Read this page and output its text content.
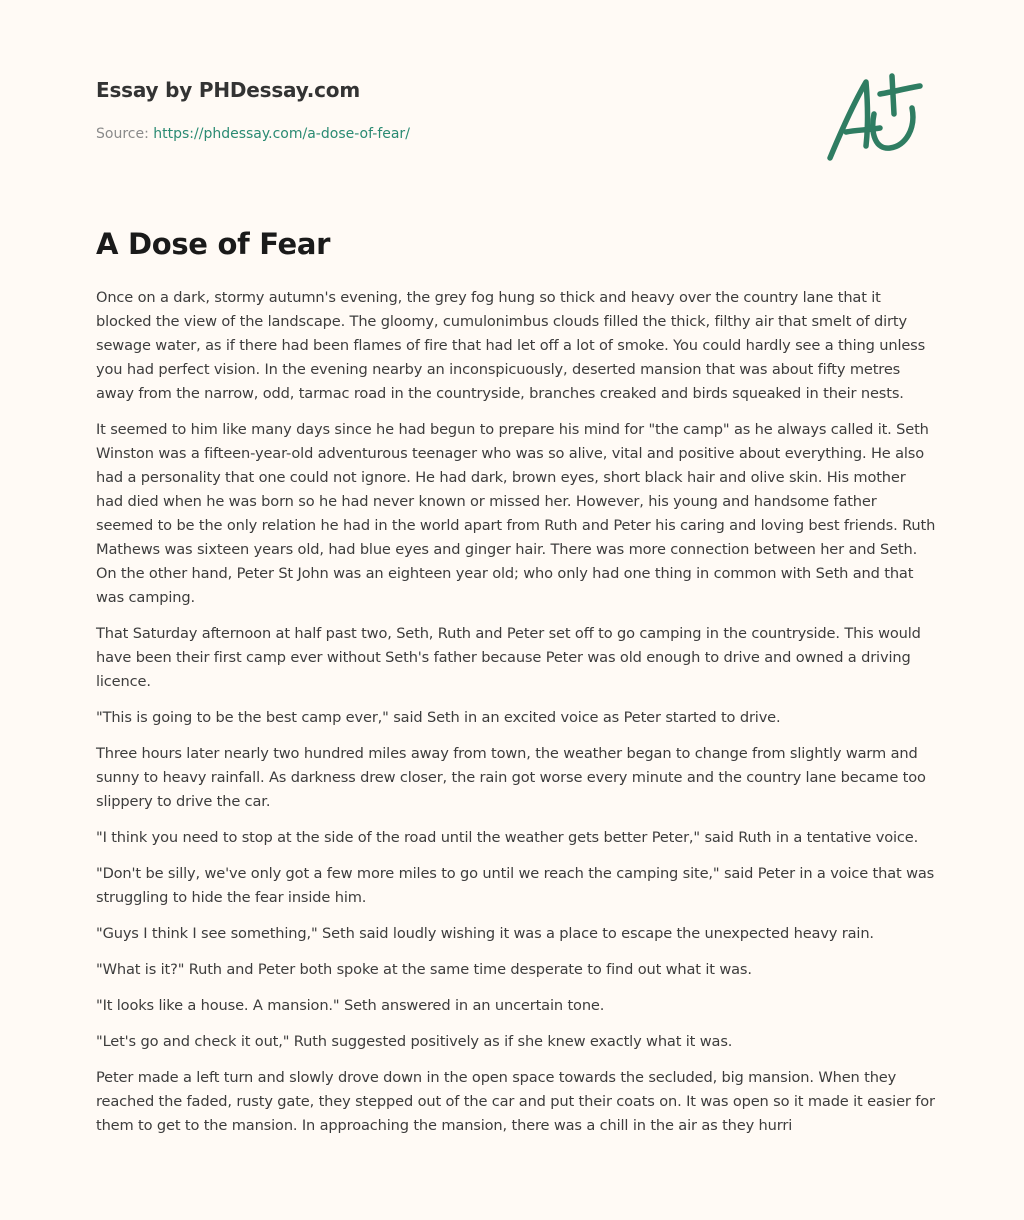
Essay by PHDessay.com
Source: https://phdessay.com/a-dose-of-fear/
A Dose of Fear

Once on a dark, stormy autumn's evening, the grey fog hung so thick and heavy over the country lane that it blocked the view of the landscape. The gloomy, cumulonimbus clouds filled the thick, filthy air that smelt of dirty sewage water, as if there had been flames of fire that had let off a lot of smoke. You could hardly see a thing unless you had perfect vision. In the evening nearby an inconspicuously, deserted mansion that was about fifty metres away from the narrow, odd, tarmac road in the countryside, branches creaked and birds squeaked in their nests.

It seemed to him like many days since he had begun to prepare his mind for "the camp" as he always called it. Seth Winston was a fifteen-year-old adventurous teenager who was so alive, vital and positive about everything. He also had a personality that one could not ignore. He had dark, brown eyes, short black hair and olive skin. His mother had died when he was born so he had never known or missed her. However, his young and handsome father seemed to be the only relation he had in the world apart from Ruth and Peter his caring and loving best friends. Ruth Mathews was sixteen years old, had blue eyes and ginger hair. There was more connection between her and Seth. On the other hand, Peter St John was an eighteen year old; who only had one thing in common with Seth and that was camping.

That Saturday afternoon at half past two, Seth, Ruth and Peter set off to go camping in the countryside. This would have been their first camp ever without Seth's father because Peter was old enough to drive and owned a driving licence.

"This is going to be the best camp ever," said Seth in an excited voice as Peter started to drive.

Three hours later nearly two hundred miles away from town, the weather began to change from slightly warm and sunny to heavy rainfall. As darkness drew closer, the rain got worse every minute and the country lane became too slippery to drive the car.

"I think you need to stop at the side of the road until the weather gets better Peter," said Ruth in a tentative voice.

"Don't be silly, we've only got a few more miles to go until we reach the camping site," said Peter in a voice that was struggling to hide the fear inside him.

"Guys I think I see something," Seth said loudly wishing it was a place to escape the unexpected heavy rain.

"What is it?" Ruth and Peter both spoke at the same time desperate to find out what it was.

"It looks like a house. A mansion." Seth answered in an uncertain tone.

"Let's go and check it out," Ruth suggested positively as if she knew exactly what it was.

Peter made a left turn and slowly drove down in the open space towards the secluded, big mansion. When they reached the faded, rusty gate, they stepped out of the car and put their coats on. It was open so it made it easier for them to get to the mansion. In approaching the mansion, there was a chill in the air as they hurri
